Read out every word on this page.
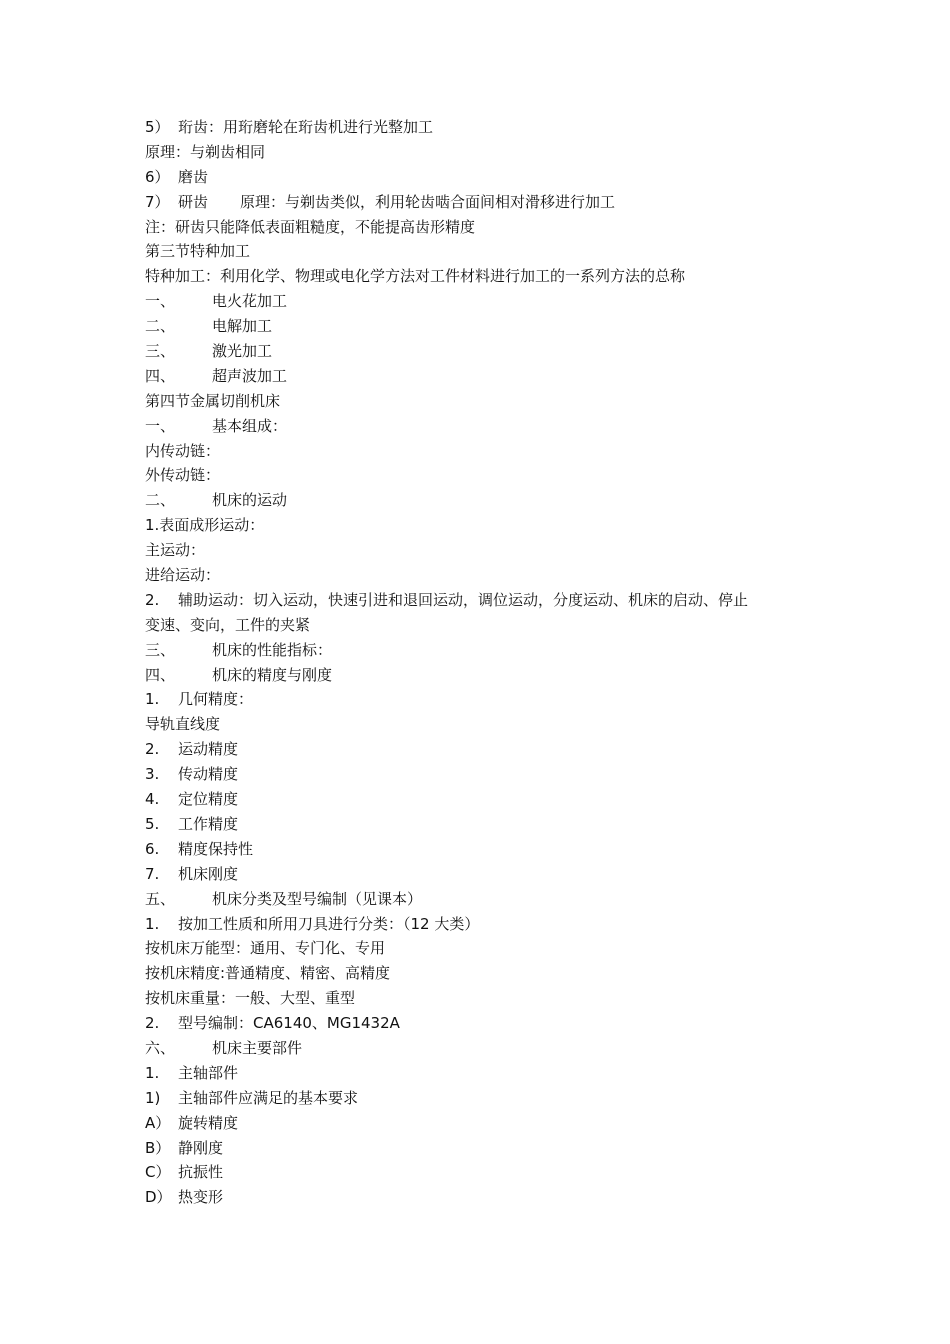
5） 珩齿：用珩磨轮在珩齿机进行光整加工
原理：与剃齿相同
6） 磨齿
7） 研齿 原理：与剃齿类似，利用轮齿啮合面间相对滑移进行加工
注：研齿只能降低表面粗糙度，不能提高齿形精度
第三节特种加工
特种加工：利用化学、物理或电化学方法对工件材料进行加工的一系列方法的总称
一、	电火花加工
二、	电解加工
三、	激光加工
四、	超声波加工
第四节金属切削机床
一、	基本组成：
内传动链：
外传动链：
二、	机床的运动
1.表面成形运动：
主运动：
进给运动：
2.	辅助运动：切入运动，快速引进和退回运动，调位运动，分度运动、机床的启动、停止
变速、变向，工件的夹紧
三、	机床的性能指标：
四、	机床的精度与刚度
1.	几何精度：
导轨直线度
2.	运动精度
3.	传动精度
4.	定位精度
5.	工作精度
6.	精度保持性
7.	机床刚度
五、	机床分类及型号编制（见课本）
1.	按加工性质和所用刀具进行分类：（12 大类）
按机床万能型：通用、专门化、专用
按机床精度:普通精度、精密、高精度
按机床重量：一般、大型、重型
2.	型号编制：CA6140、MG1432A
六、	机床主要部件
1.	主轴部件
1)	主轴部件应满足的基本要求
A） 旋转精度
B） 静刚度
C） 抗振性
D） 热变形
